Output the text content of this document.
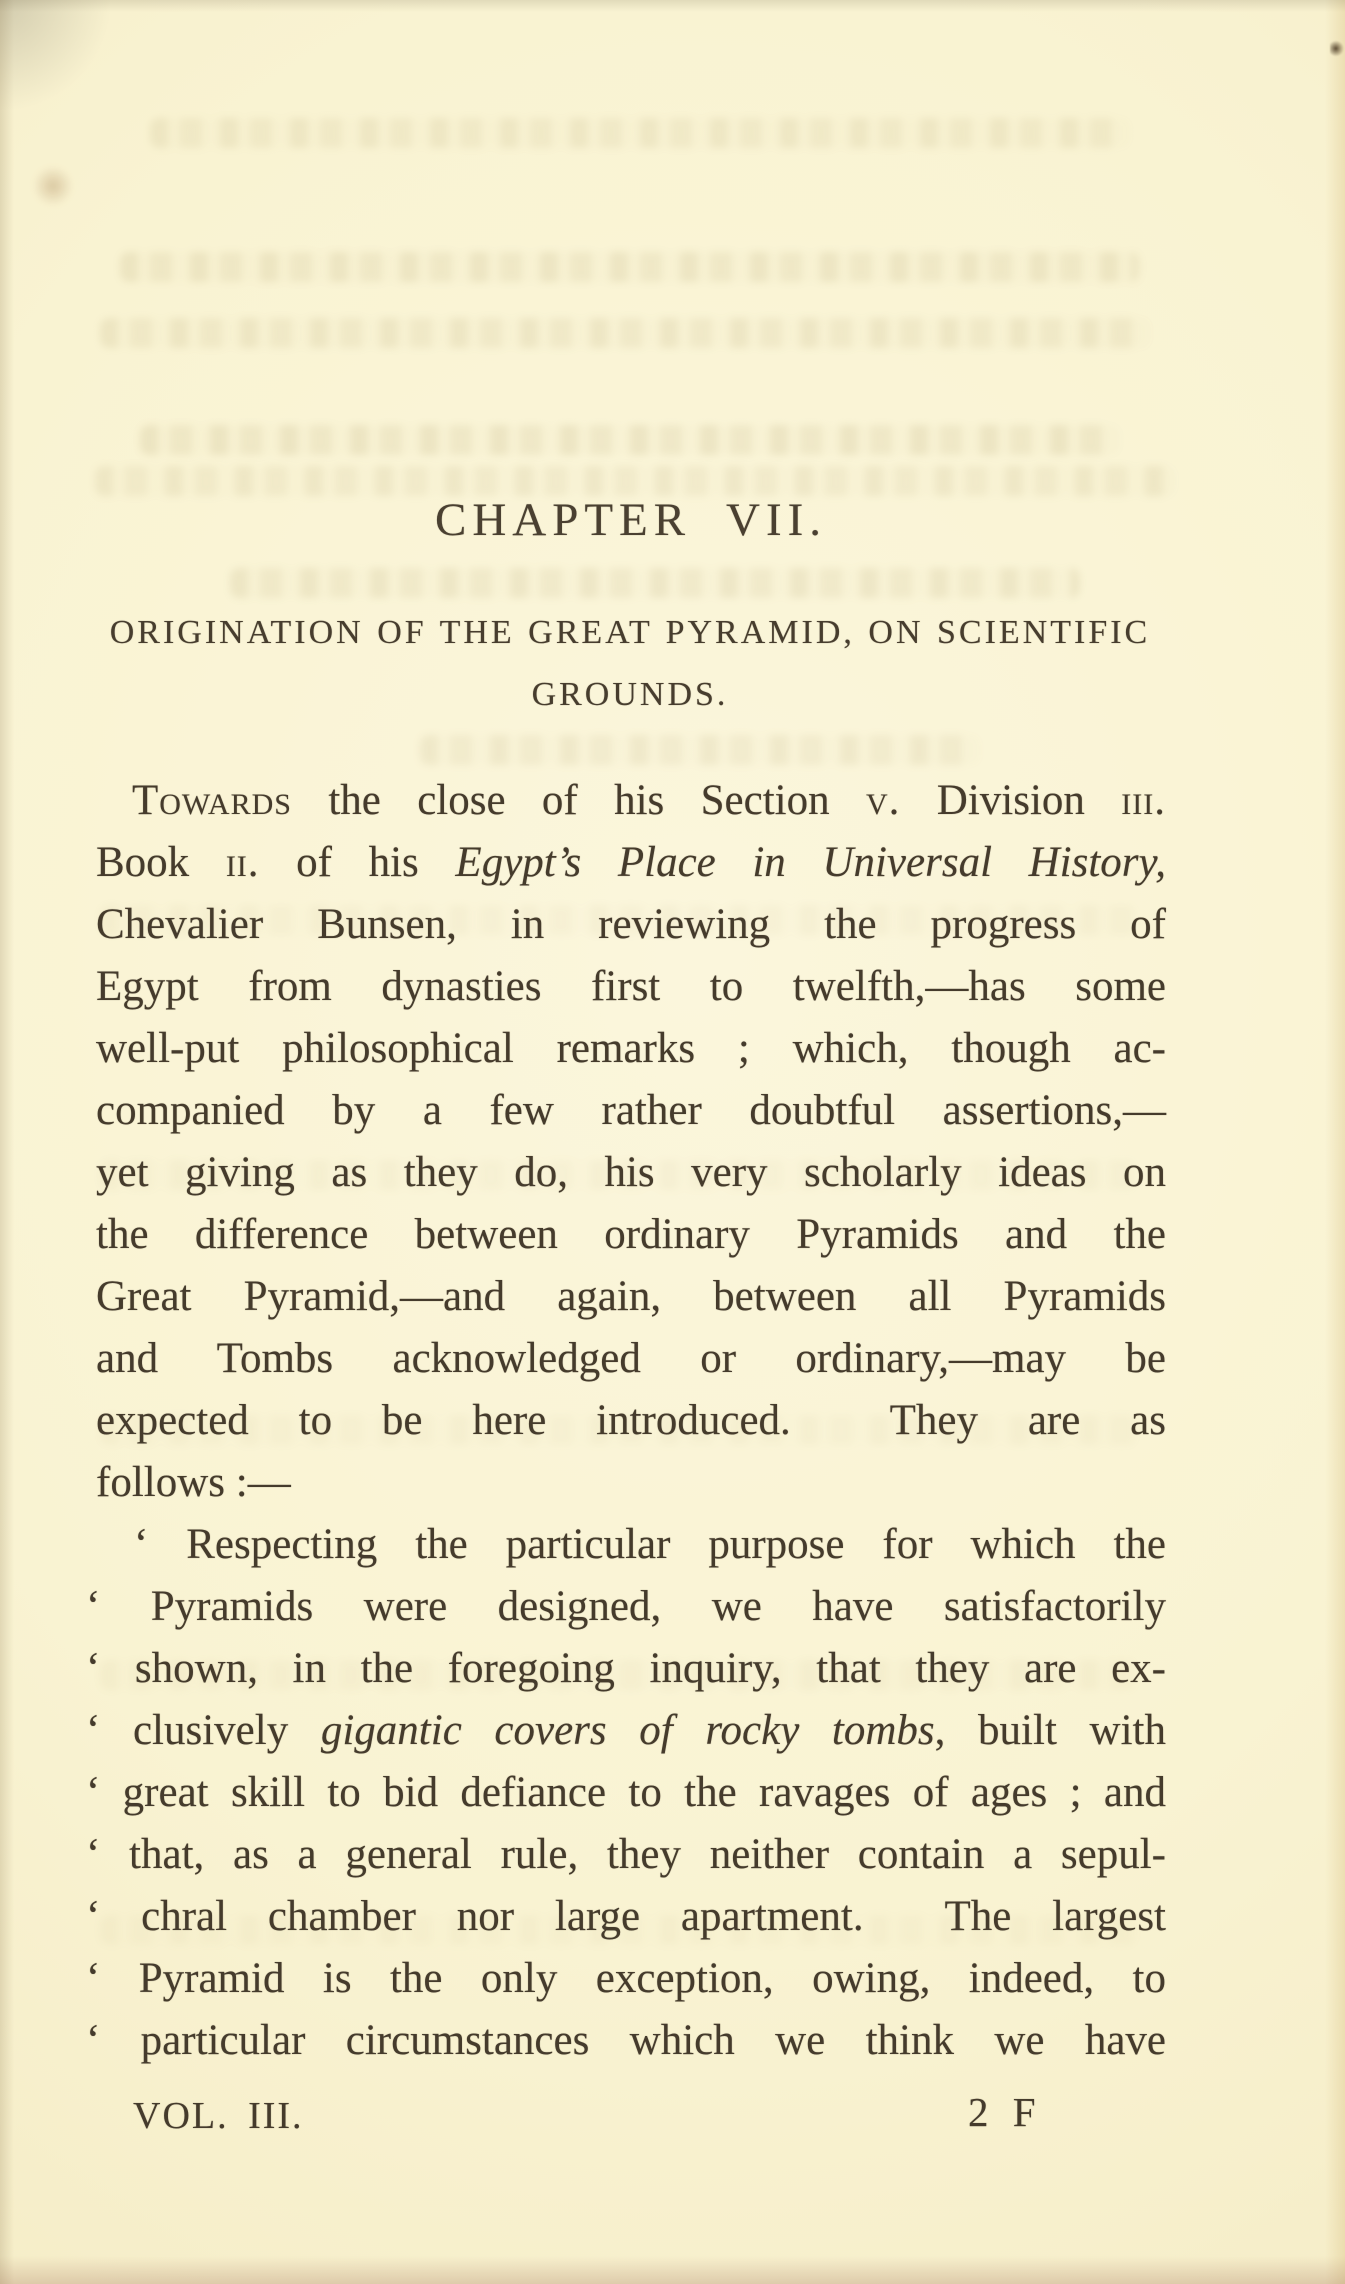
CHAPTER VII.
ORIGINATION OF THE GREAT PYRAMID, ON SCIENTIFIC
GROUNDS.
Towards the close of his Section v. Division iii.
Book ii. of his Egypt’s Place in Universal History,
Chevalier Bunsen, in reviewing the progress of
Egypt from dynasties first to twelfth,—has some
well-put philosophical remarks ; which, though ac-
companied by a few rather doubtful assertions,—
yet giving as they do, his very scholarly ideas on
the difference between ordinary Pyramids and the
Great Pyramid,—and again, between all Pyramids
and Tombs acknowledged or ordinary,—may be
expected to be here introduced.  They are as
follows :—
‘ Respecting the particular purpose for which the
‘ Pyramids were designed, we have satisfactorily
‘ shown, in the foregoing inquiry, that they are ex-
‘ clusively gigantic covers of rocky tombs, built with
‘ great skill to bid defiance to the ravages of ages ; and
‘ that, as a general rule, they neither contain a sepul-
‘ chral chamber nor large apartment.  The largest
‘ Pyramid is the only exception, owing, indeed, to
‘ particular circumstances which we think we have
VOL. III.	2 F
